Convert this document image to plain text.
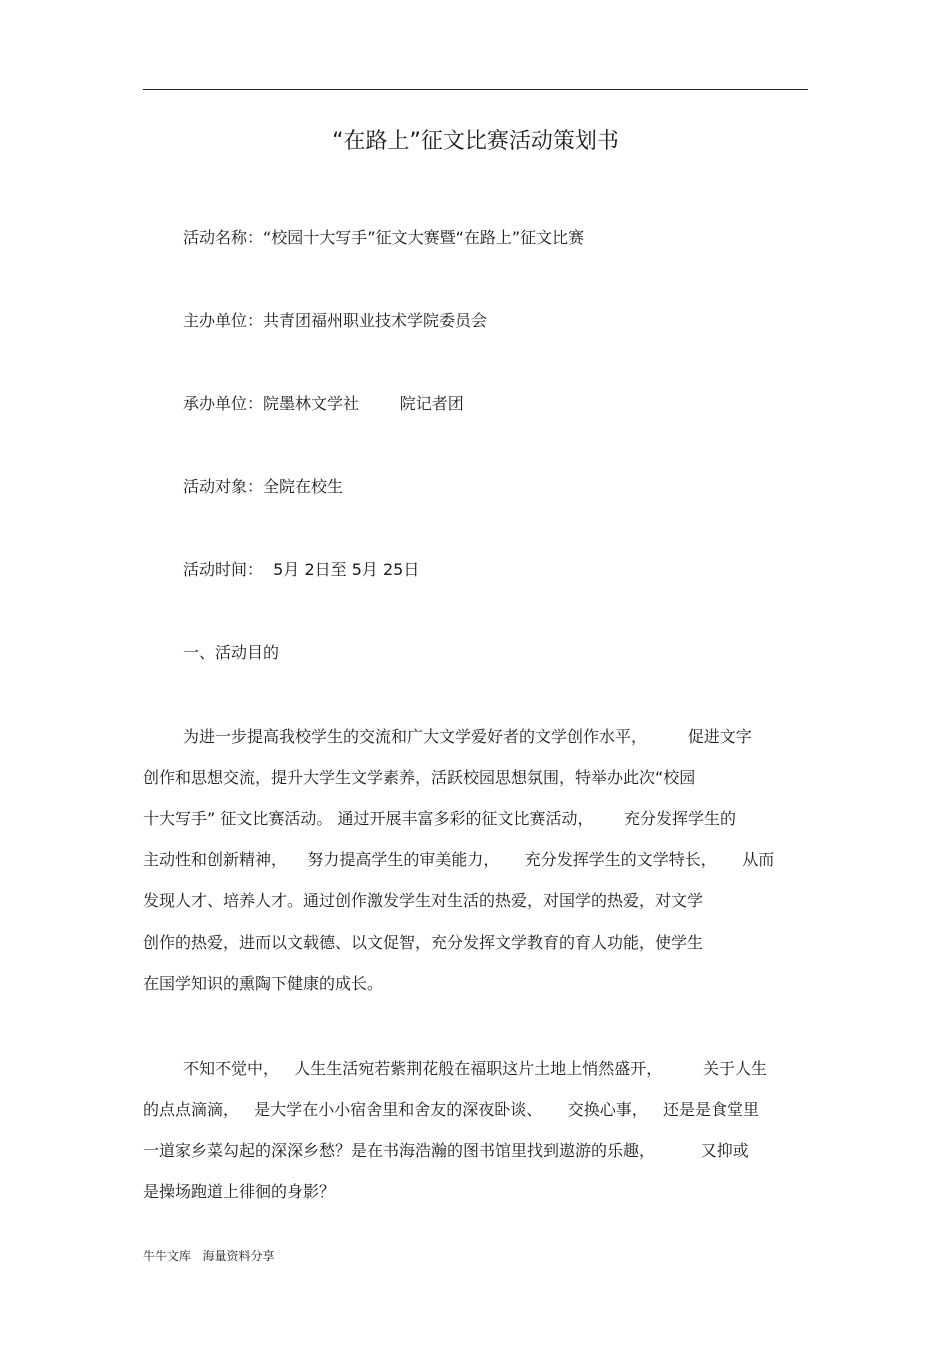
“在路上”征文比赛活动策划书
活动名称：“校园十大写手”征文大赛暨“在路上”征文比赛
主办单位：共青团福州职业技术学院委员会
承办单位：院墨林文学社        院记者团
活动对象：全院在校生
活动时间：  5月 2日至 5月 25日
一、活动目的
为进一步提高我校学生的交流和广大文学爱好者的文学创作水平，        促进文字
创作和思想交流，提升大学生文学素养，活跃校园思想氛围，特举办此次“校园
十大写手” 征文比赛活动。 通过开展丰富多彩的征文比赛活动，      充分发挥学生的
主动性和创新精神，    努力提高学生的审美能力，     充分发挥学生的文学特长，     从而
发现人才、培养人才。通过创作激发学生对生活的热爱，对国学的热爱，对文学
创作的热爱，进而以文载德、以文促智，充分发挥文学教育的育人功能，使学生
在国学知识的熏陶下健康的成长。
不知不觉中，   人生生活宛若紫荆花般在福职这片土地上悄然盛开，        关于人生
的点点滴滴，   是大学在小小宿舍里和舍友的深夜卧谈、     交换心事，   还是是食堂里
一道家乡菜勾起的深深乡愁？是在书海浩瀚的图书馆里找到遨游的乐趣，         又抑或
是操场跑道上徘徊的身影？
牛牛文库   海量资料分享
